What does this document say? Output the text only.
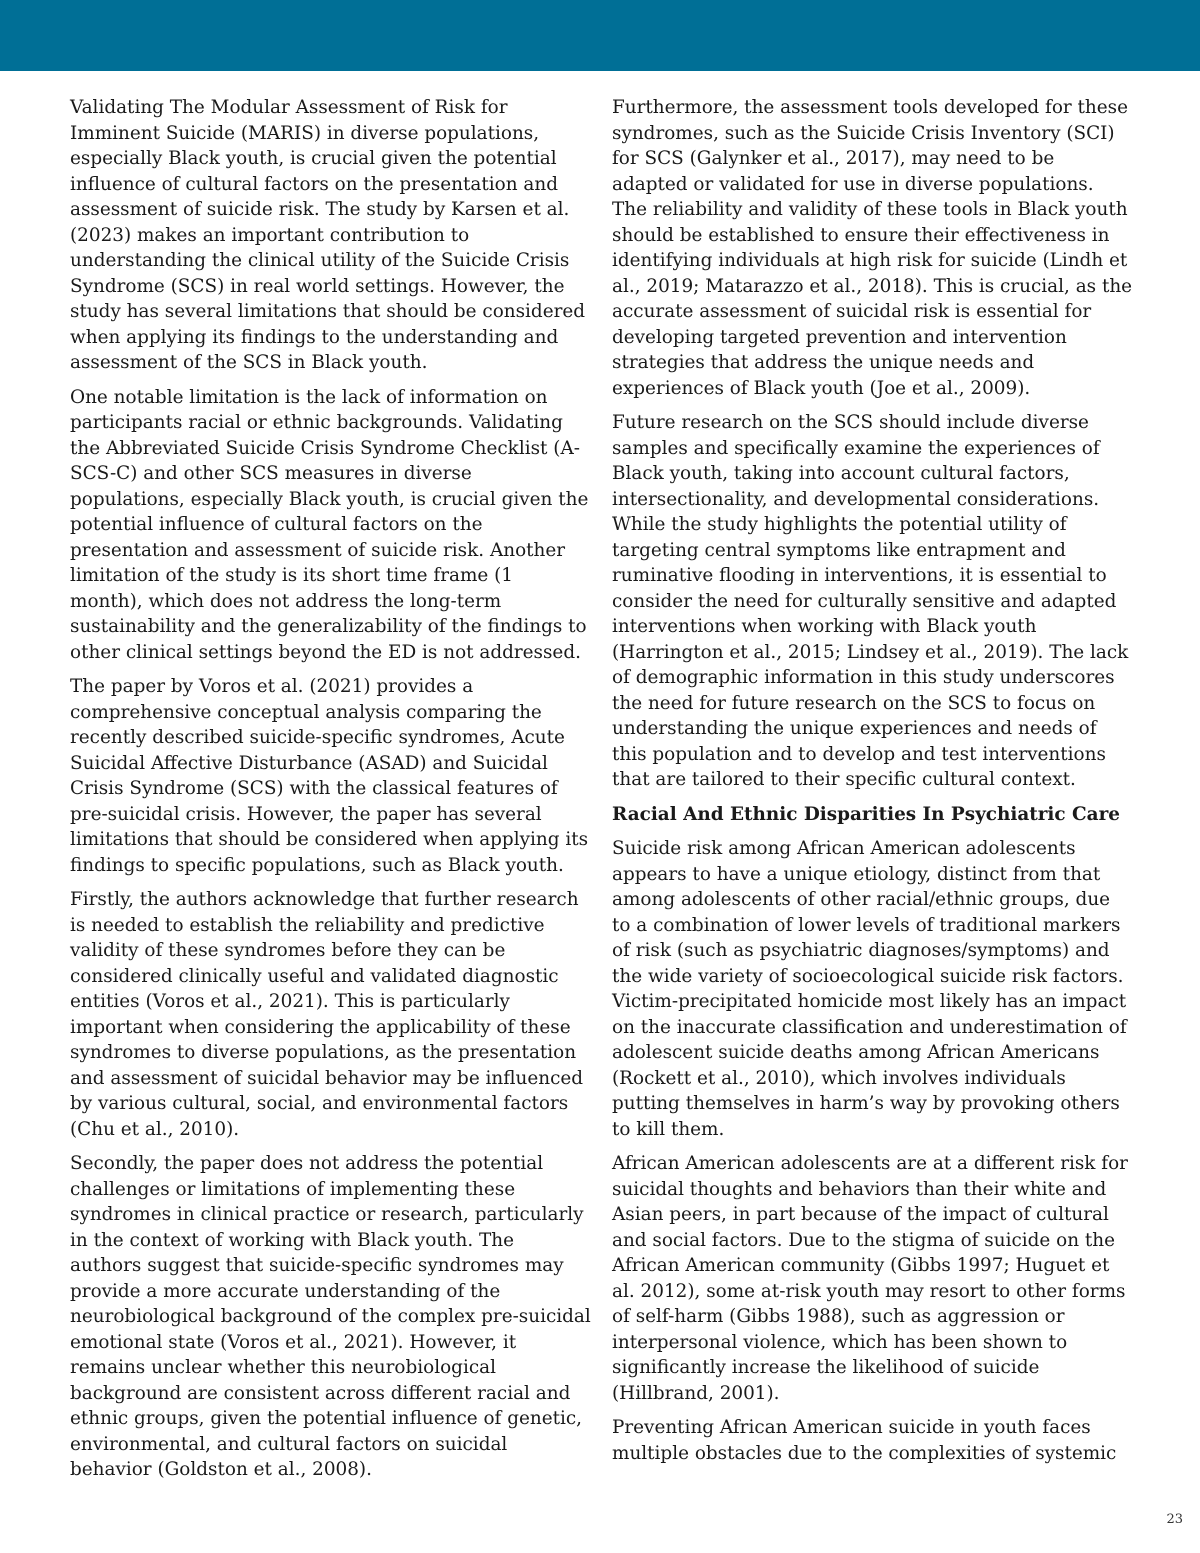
Validating The Modular Assessment of Risk for Imminent Suicide (MARIS) in diverse populations, especially Black youth, is crucial given the potential influence of cultural factors on the presentation and assessment of suicide risk. The study by Karsen et al. (2023) makes an important contribution to understanding the clinical utility of the Suicide Crisis Syndrome (SCS) in real world settings. However, the study has several limitations that should be considered when applying its findings to the understanding and assessment of the SCS in Black youth.

One notable limitation is the lack of information on participants racial or ethnic backgrounds. Validating the Abbreviated Suicide Crisis Syndrome Checklist (A-SCS-C) and other SCS measures in diverse populations, especially Black youth, is crucial given the potential influence of cultural factors on the presentation and assessment of suicide risk. Another limitation of the study is its short time frame (1 month), which does not address the long-term sustainability and the generalizability of the findings to other clinical settings beyond the ED is not addressed.

The paper by Voros et al. (2021) provides a comprehensive conceptual analysis comparing the recently described suicide-specific syndromes, Acute Suicidal Affective Disturbance (ASAD) and Suicidal Crisis Syndrome (SCS) with the classical features of pre-suicidal crisis. However, the paper has several limitations that should be considered when applying its findings to specific populations, such as Black youth.

Firstly, the authors acknowledge that further research is needed to establish the reliability and predictive validity of these syndromes before they can be considered clinically useful and validated diagnostic entities (Voros et al., 2021). This is particularly important when considering the applicability of these syndromes to diverse populations, as the presentation and assessment of suicidal behavior may be influenced by various cultural, social, and environmental factors (Chu et al., 2010).

Secondly, the paper does not address the potential challenges or limitations of implementing these syndromes in clinical practice or research, particularly in the context of working with Black youth. The authors suggest that suicide-specific syndromes may provide a more accurate understanding of the neurobiological background of the complex pre-suicidal emotional state (Voros et al., 2021). However, it remains unclear whether this neurobiological background are consistent across different racial and ethnic groups, given the potential influence of genetic, environmental, and cultural factors on suicidal behavior (Goldston et al., 2008).

Furthermore, the assessment tools developed for these syndromes, such as the Suicide Crisis Inventory (SCI) for SCS (Galynker et al., 2017), may need to be adapted or validated for use in diverse populations. The reliability and validity of these tools in Black youth should be established to ensure their effectiveness in identifying individuals at high risk for suicide (Lindh et al., 2019; Matarazzo et al., 2018). This is crucial, as the accurate assessment of suicidal risk is essential for developing targeted prevention and intervention strategies that address the unique needs and experiences of Black youth (Joe et al., 2009).

Future research on the SCS should include diverse samples and specifically examine the experiences of Black youth, taking into account cultural factors, intersectionality, and developmental considerations. While the study highlights the potential utility of targeting central symptoms like entrapment and ruminative flooding in interventions, it is essential to consider the need for culturally sensitive and adapted interventions when working with Black youth (Harrington et al., 2015; Lindsey et al., 2019). The lack of demographic information in this study underscores the need for future research on the SCS to focus on understanding the unique experiences and needs of this population and to develop and test interventions that are tailored to their specific cultural context.

Racial And Ethnic Disparities In Psychiatric Care

Suicide risk among African American adolescents appears to have a unique etiology, distinct from that among adolescents of other racial/ethnic groups, due to a combination of lower levels of traditional markers of risk (such as psychiatric diagnoses/symptoms) and the wide variety of socioecological suicide risk factors. Victim-precipitated homicide most likely has an impact on the inaccurate classification and underestimation of adolescent suicide deaths among African Americans (Rockett et al., 2010), which involves individuals putting themselves in harm’s way by provoking others to kill them.

African American adolescents are at a different risk for suicidal thoughts and behaviors than their white and Asian peers, in part because of the impact of cultural and social factors. Due to the stigma of suicide on the African American community (Gibbs 1997; Huguet et al. 2012), some at-risk youth may resort to other forms of self-harm (Gibbs 1988), such as aggression or interpersonal violence, which has been shown to significantly increase the likelihood of suicide (Hillbrand, 2001).

Preventing African American suicide in youth faces multiple obstacles due to the complexities of systemic

23
